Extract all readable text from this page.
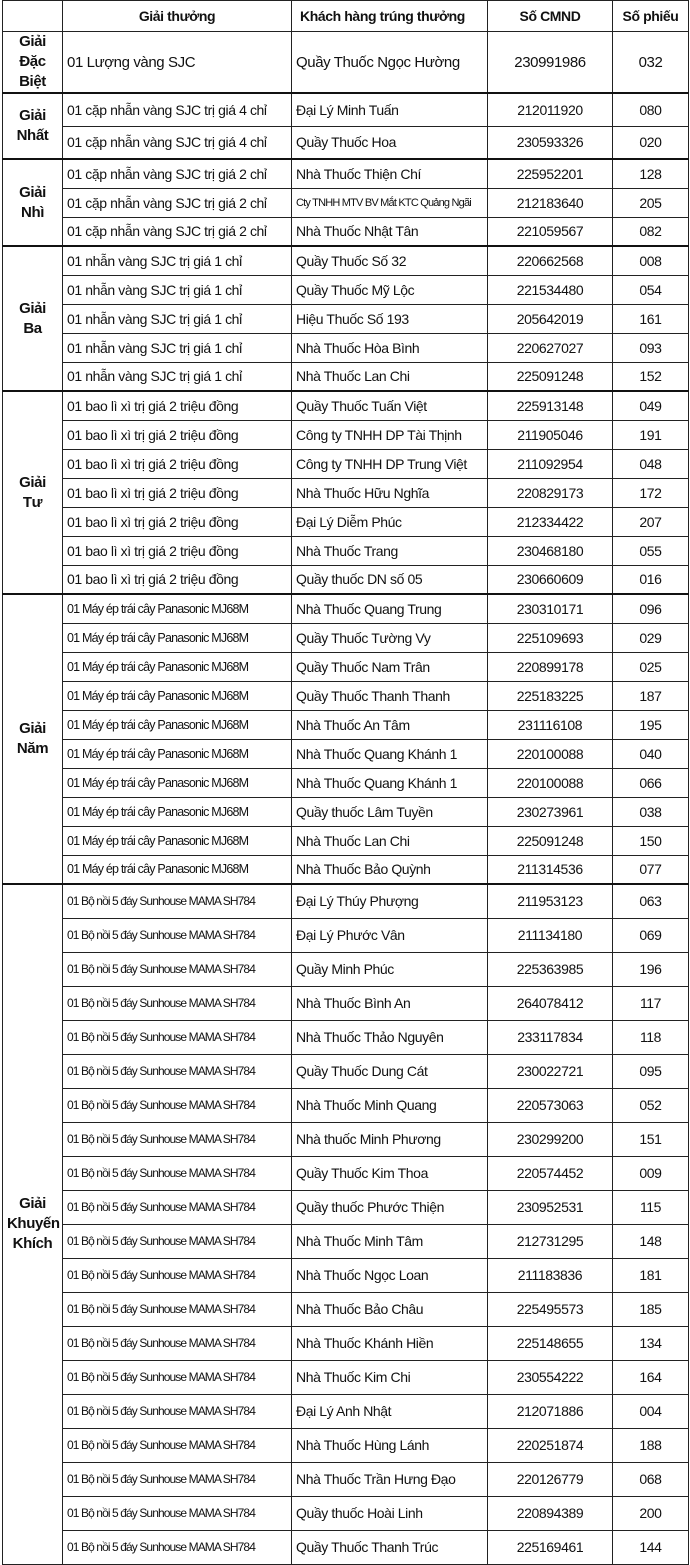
	Giải thưởng	Khách hàng trúng thưởng	Số CMND	Số phiếu
Giải
Đặc Biệt	01 Lượng vàng SJC	Quầy Thuốc Ngọc Hường	230991986	032
Giải
Nhất	01 cặp nhẫn vàng SJC trị giá 4 chỉ	Đại Lý Minh Tuấn	212011920	080
	01 cặp nhẫn vàng SJC trị giá 4 chỉ	Quầy Thuốc Hoa	230593326	020
Giải
Nhì	01 cặp nhẫn vàng SJC trị giá 2 chỉ	Nhà Thuốc Thiện Chí	225952201	128
	01 cặp nhẫn vàng SJC trị giá 2 chỉ	Cty TNHH MTV BV Mắt KTC Quảng Ngãi	212183640	205
	01 cặp nhẫn vàng SJC trị giá 2 chỉ	Nhà Thuốc Nhật Tân	221059567	082
Giải
Ba	01 nhẫn vàng SJC trị giá 1 chỉ	Quầy Thuốc Số 32	220662568	008
	01 nhẫn vàng SJC trị giá 1 chỉ	Quầy Thuốc Mỹ Lộc	221534480	054
	01 nhẫn vàng SJC trị giá 1 chỉ	Hiệu Thuốc Số 193	205642019	161
	01 nhẫn vàng SJC trị giá 1 chỉ	Nhà Thuốc Hòa Bình	220627027	093
	01 nhẫn vàng SJC trị giá 1 chỉ	Nhà Thuốc Lan Chi	225091248	152
Giải
Tư	01 bao lì xì trị giá 2 triệu đồng	Quầy Thuốc Tuấn Việt	225913148	049
	01 bao lì xì trị giá 2 triệu đồng	Công ty TNHH DP Tài Thịnh	211905046	191
	01 bao lì xì trị giá 2 triệu đồng	Công ty TNHH DP Trung Việt	211092954	048
	01 bao lì xì trị giá 2 triệu đồng	Nhà Thuốc Hữu Nghĩa	220829173	172
	01 bao lì xì trị giá 2 triệu đồng	Đại Lý Diễm Phúc	212334422	207
	01 bao lì xì trị giá 2 triệu đồng	Nhà Thuốc Trang	230468180	055
	01 bao lì xì trị giá 2 triệu đồng	Quầy thuốc DN số 05	230660609	016
Giải
Năm	01 Máy ép trái cây Panasonic MJ68M	Nhà Thuốc Quang Trung	230310171	096
	01 Máy ép trái cây Panasonic MJ68M	Quầy Thuốc Tường Vy	225109693	029
	01 Máy ép trái cây Panasonic MJ68M	Quầy Thuốc Nam Trân	220899178	025
	01 Máy ép trái cây Panasonic MJ68M	Quầy Thuốc Thanh Thanh	225183225	187
	01 Máy ép trái cây Panasonic MJ68M	Nhà Thuốc An Tâm	231116108	195
	01 Máy ép trái cây Panasonic MJ68M	Nhà Thuốc Quang Khánh 1	220100088	040
	01 Máy ép trái cây Panasonic MJ68M	Nhà Thuốc Quang Khánh 1	220100088	066
	01 Máy ép trái cây Panasonic MJ68M	Quầy thuốc Lâm Tuyền	230273961	038
	01 Máy ép trái cây Panasonic MJ68M	Nhà Thuốc Lan Chi	225091248	150
	01 Máy ép trái cây Panasonic MJ68M	Nhà Thuốc Bảo Quỳnh	211314536	077
Giải
Khuyến
Khích	01 Bộ nồi 5 đáy Sunhouse MAMA SH784	Đại Lý Thúy Phượng	211953123	063
	01 Bộ nồi 5 đáy Sunhouse MAMA SH784	Đại Lý Phước Vân	211134180	069
	01 Bộ nồi 5 đáy Sunhouse MAMA SH784	Quầy Minh Phúc	225363985	196
	01 Bộ nồi 5 đáy Sunhouse MAMA SH784	Nhà Thuốc Bình An	264078412	117
	01 Bộ nồi 5 đáy Sunhouse MAMA SH784	Nhà Thuốc Thảo Nguyên	233117834	118
	01 Bộ nồi 5 đáy Sunhouse MAMA SH784	Quầy Thuốc Dung Cát	230022721	095
	01 Bộ nồi 5 đáy Sunhouse MAMA SH784	Nhà Thuốc Minh Quang	220573063	052
	01 Bộ nồi 5 đáy Sunhouse MAMA SH784	Nhà thuốc Minh Phương	230299200	151
	01 Bộ nồi 5 đáy Sunhouse MAMA SH784	Quầy Thuốc Kim Thoa	220574452	009
	01 Bộ nồi 5 đáy Sunhouse MAMA SH784	Quầy thuốc Phước Thiện	230952531	115
	01 Bộ nồi 5 đáy Sunhouse MAMA SH784	Nhà Thuốc Minh Tâm	212731295	148
	01 Bộ nồi 5 đáy Sunhouse MAMA SH784	Nhà Thuốc Ngọc Loan	211183836	181
	01 Bộ nồi 5 đáy Sunhouse MAMA SH784	Nhà Thuốc Bảo Châu	225495573	185
	01 Bộ nồi 5 đáy Sunhouse MAMA SH784	Nhà Thuốc Khánh Hiền	225148655	134
	01 Bộ nồi 5 đáy Sunhouse MAMA SH784	Nhà Thuốc Kim Chi	230554222	164
	01 Bộ nồi 5 đáy Sunhouse MAMA SH784	Đại Lý Anh Nhật	212071886	004
	01 Bộ nồi 5 đáy Sunhouse MAMA SH784	Nhà Thuốc Hùng Lánh	220251874	188
	01 Bộ nồi 5 đáy Sunhouse MAMA SH784	Nhà Thuốc Trần Hưng Đạo	220126779	068
	01 Bộ nồi 5 đáy Sunhouse MAMA SH784	Quầy thuốc Hoài Linh	220894389	200
	01 Bộ nồi 5 đáy Sunhouse MAMA SH784	Quầy Thuốc Thanh Trúc	225169461	144
